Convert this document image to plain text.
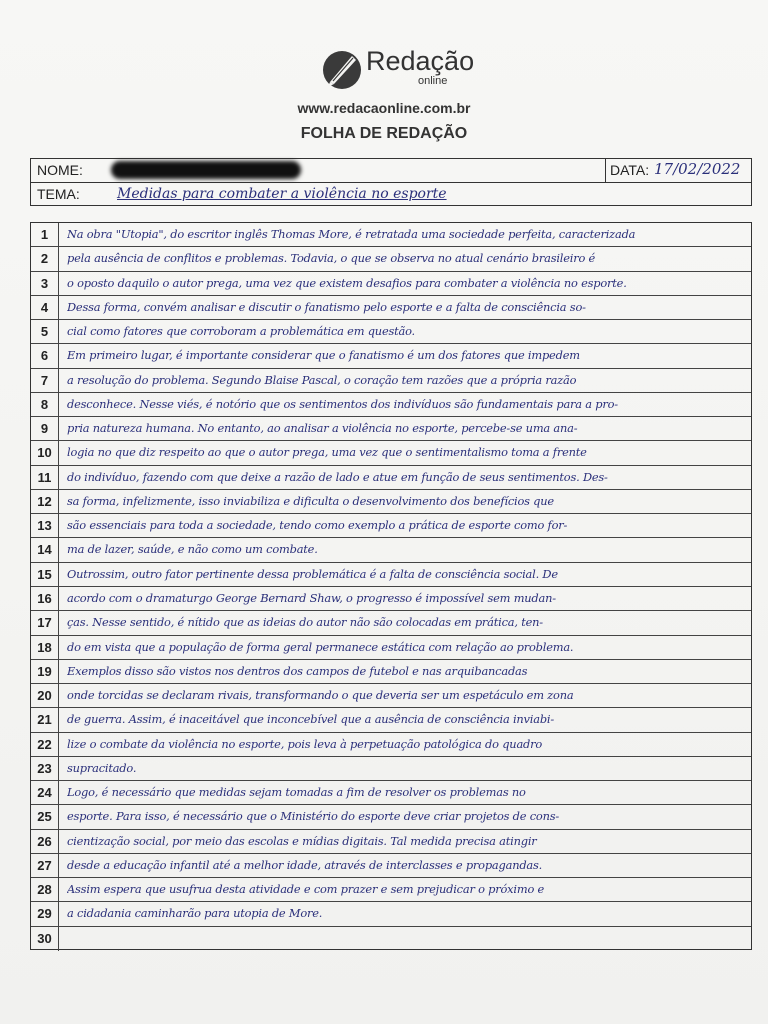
Redação
online
www.redacaonline.com.br
FOLHA DE REDAÇÃO
NOME:	DATA: 17/02/2022
TEMA:	Medidas para combater a violência no esporte
1	Na obra "Utopia", do escritor inglês Thomas More, é retratada uma sociedade perfeita, caracterizada
2	pela ausência de conflitos e problemas. Todavia, o que se observa no atual cenário brasileiro é
3	o oposto daquilo o autor prega, uma vez que existem desafios para combater a violência no esporte.
4	Dessa forma, convém analisar e discutir o fanatismo pelo esporte e a falta de consciência so-
5	cial como fatores que corroboram a problemática em questão.
6	Em primeiro lugar, é importante considerar que o fanatismo é um dos fatores que impedem
7	a resolução do problema. Segundo Blaise Pascal, o coração tem razões que a própria razão
8	desconhece. Nesse viés, é notório que os sentimentos dos indivíduos são fundamentais para a pro-
9	pria natureza humana. No entanto, ao analisar a violência no esporte, percebe-se uma ana-
10	logia no que diz respeito ao que o autor prega, uma vez que o sentimentalismo toma a frente
11	do indivíduo, fazendo com que deixe a razão de lado e atue em função de seus sentimentos. Des-
12	sa forma, infelizmente, isso inviabiliza e dificulta o desenvolvimento dos benefícios que
13	são essenciais para toda a sociedade, tendo como exemplo a prática de esporte como for-
14	ma de lazer, saúde, e não como um combate.
15	Outrossim, outro fator pertinente dessa problemática é a falta de consciência social. De
16	acordo com o dramaturgo George Bernard Shaw, o progresso é impossível sem mudan-
17	ças. Nesse sentido, é nítido que as ideias do autor não são colocadas em prática, ten-
18	do em vista que a população de forma geral permanece estática com relação ao problema.
19	Exemplos disso são vistos nos dentros dos campos de futebol e nas arquibancadas
20	onde torcidas se declaram rivais, transformando o que deveria ser um espetáculo em zona
21	de guerra. Assim, é inaceitável que inconcebível que a ausência de consciência inviabi-
22	lize o combate da violência no esporte, pois leva à perpetuação patológica do quadro
23	supracitado.
24	Logo, é necessário que medidas sejam tomadas a fim de resolver os problemas no
25	esporte. Para isso, é necessário que o Ministério do esporte deve criar projetos de cons-
26	cientização social, por meio das escolas e mídias digitais. Tal medida precisa atingir
27	desde a educação infantil até a melhor idade, através de interclasses e propagandas.
28	Assim espera que usufrua desta atividade e com prazer e sem prejudicar o próximo e
29	a cidadania caminharão para utopia de More.
30
